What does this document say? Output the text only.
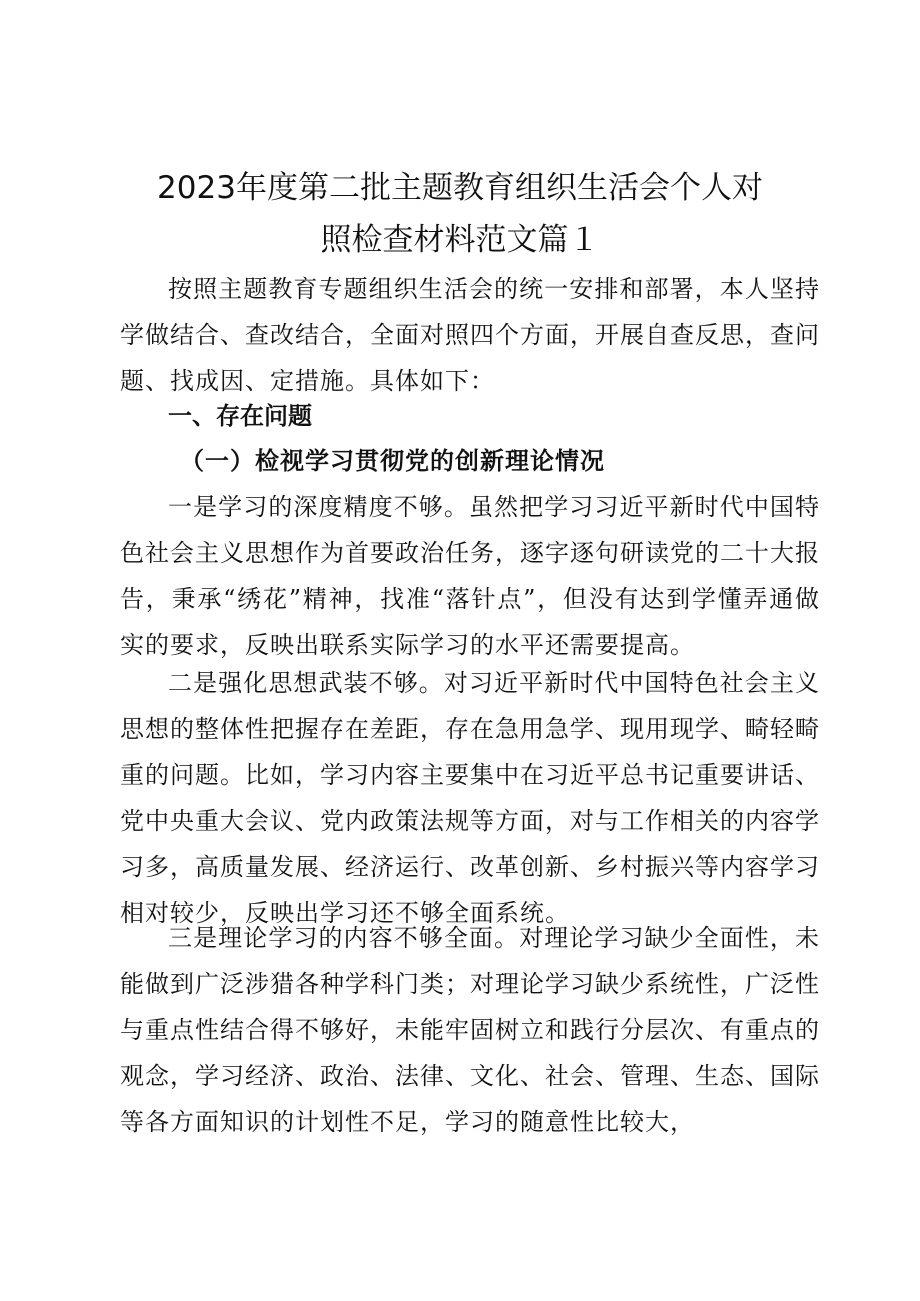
2023年度第二批主题教育组织生活会个人对
照检查材料范文篇１

按照主题教育专题组织生活会的统一安排和部署，本人坚持学做结合、查改结合，全面对照四个方面，开展自查反思，查问题、找成因、定措施。具体如下：

一、存在问题
（一）检视学习贯彻党的创新理论情况

一是学习的深度精度不够。虽然把学习习近平新时代中国特色社会主义思想作为首要政治任务，逐字逐句研读党的二十大报告，秉承“绣花”精神，找准“落针点”，但没有达到学懂弄通做实的要求，反映出联系实际学习的水平还需要提高。

二是强化思想武装不够。对习近平新时代中国特色社会主义思想的整体性把握存在差距，存在急用急学、现用现学、畸轻畸重的问题。比如，学习内容主要集中在习近平总书记重要讲话、党中央重大会议、党内政策法规等方面，对与工作相关的内容学习多，高质量发展、经济运行、改革创新、乡村振兴等内容学习相对较少，反映出学习还不够全面系统。

三是理论学习的内容不够全面。对理论学习缺少全面性，未能做到广泛涉猎各种学科门类；对理论学习缺少系统性，广泛性与重点性结合得不够好，未能牢固树立和践行分层次、有重点的观念，学习经济、政治、法律、文化、社会、管理、生态、国际等各方面知识的计划性不足，学习的随意性比较大，
